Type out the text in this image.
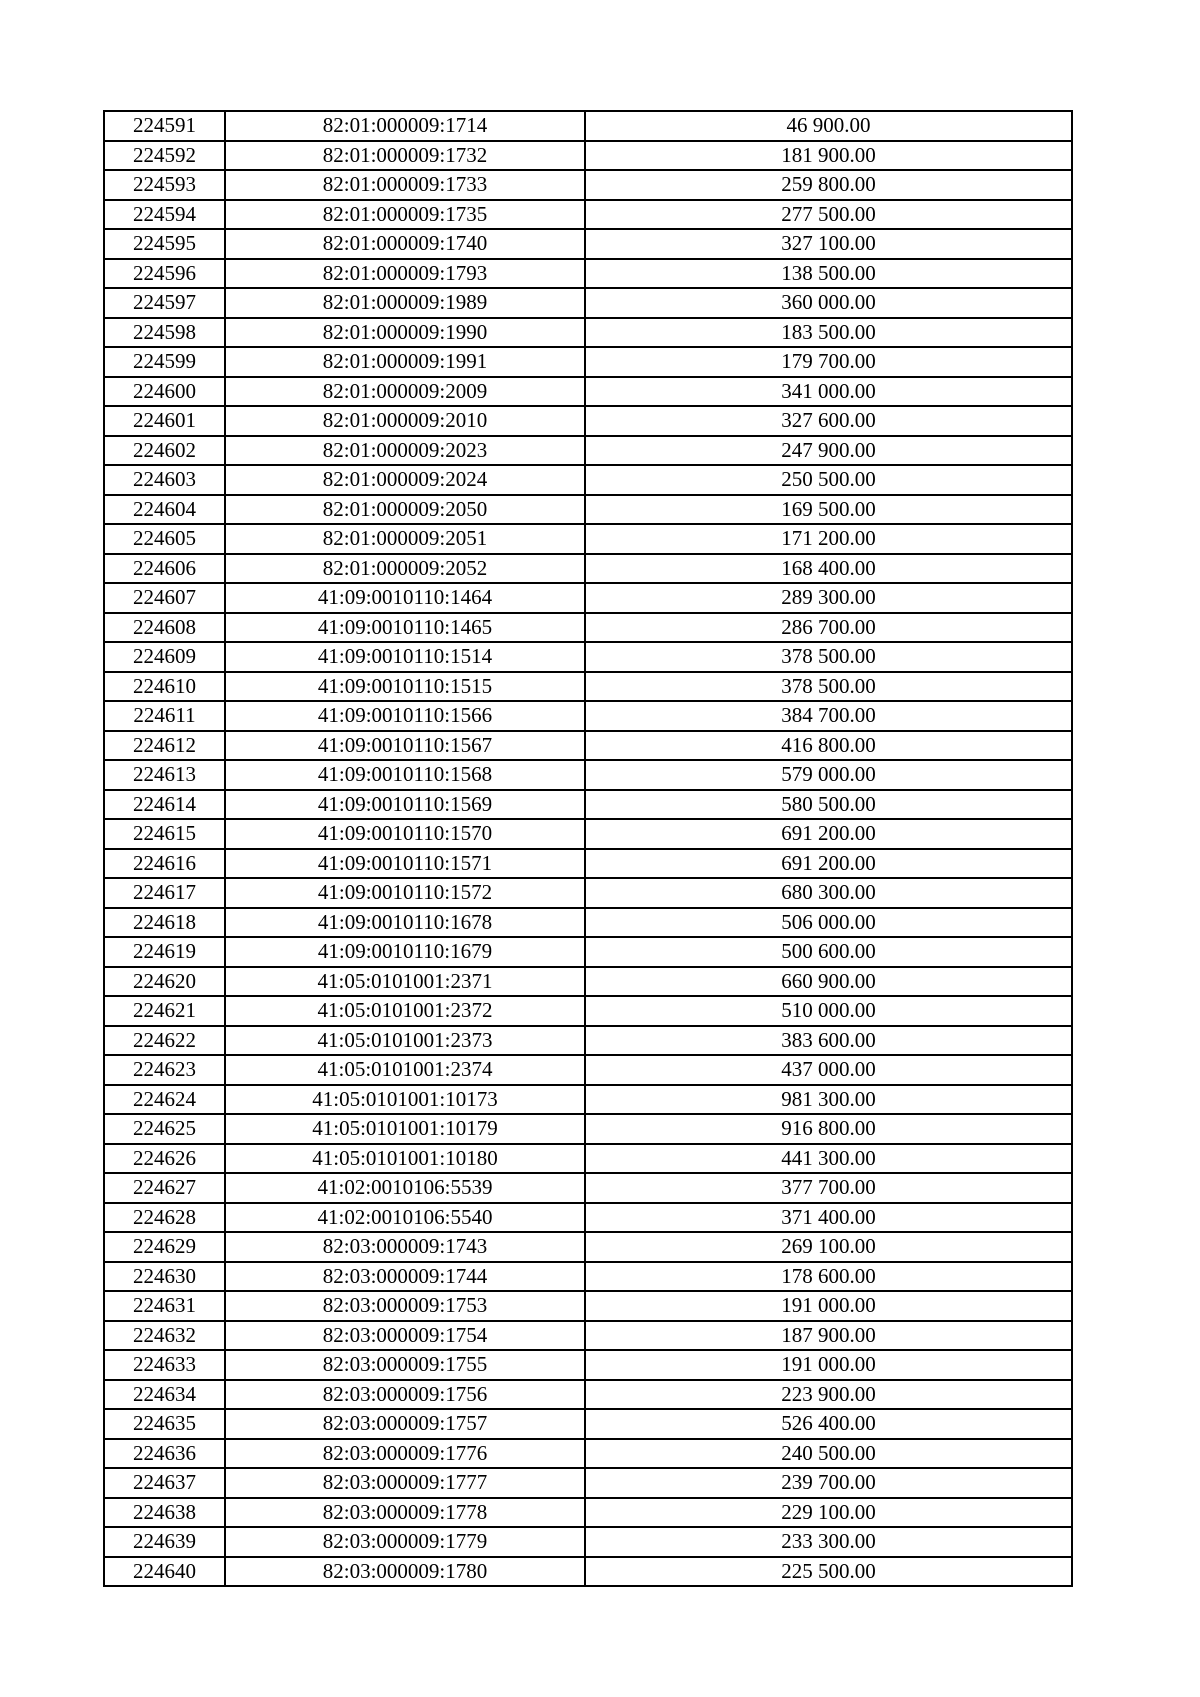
224591	82:01:000009:1714	46 900.00
224592	82:01:000009:1732	181 900.00
224593	82:01:000009:1733	259 800.00
224594	82:01:000009:1735	277 500.00
224595	82:01:000009:1740	327 100.00
224596	82:01:000009:1793	138 500.00
224597	82:01:000009:1989	360 000.00
224598	82:01:000009:1990	183 500.00
224599	82:01:000009:1991	179 700.00
224600	82:01:000009:2009	341 000.00
224601	82:01:000009:2010	327 600.00
224602	82:01:000009:2023	247 900.00
224603	82:01:000009:2024	250 500.00
224604	82:01:000009:2050	169 500.00
224605	82:01:000009:2051	171 200.00
224606	82:01:000009:2052	168 400.00
224607	41:09:0010110:1464	289 300.00
224608	41:09:0010110:1465	286 700.00
224609	41:09:0010110:1514	378 500.00
224610	41:09:0010110:1515	378 500.00
224611	41:09:0010110:1566	384 700.00
224612	41:09:0010110:1567	416 800.00
224613	41:09:0010110:1568	579 000.00
224614	41:09:0010110:1569	580 500.00
224615	41:09:0010110:1570	691 200.00
224616	41:09:0010110:1571	691 200.00
224617	41:09:0010110:1572	680 300.00
224618	41:09:0010110:1678	506 000.00
224619	41:09:0010110:1679	500 600.00
224620	41:05:0101001:2371	660 900.00
224621	41:05:0101001:2372	510 000.00
224622	41:05:0101001:2373	383 600.00
224623	41:05:0101001:2374	437 000.00
224624	41:05:0101001:10173	981 300.00
224625	41:05:0101001:10179	916 800.00
224626	41:05:0101001:10180	441 300.00
224627	41:02:0010106:5539	377 700.00
224628	41:02:0010106:5540	371 400.00
224629	82:03:000009:1743	269 100.00
224630	82:03:000009:1744	178 600.00
224631	82:03:000009:1753	191 000.00
224632	82:03:000009:1754	187 900.00
224633	82:03:000009:1755	191 000.00
224634	82:03:000009:1756	223 900.00
224635	82:03:000009:1757	526 400.00
224636	82:03:000009:1776	240 500.00
224637	82:03:000009:1777	239 700.00
224638	82:03:000009:1778	229 100.00
224639	82:03:000009:1779	233 300.00
224640	82:03:000009:1780	225 500.00
